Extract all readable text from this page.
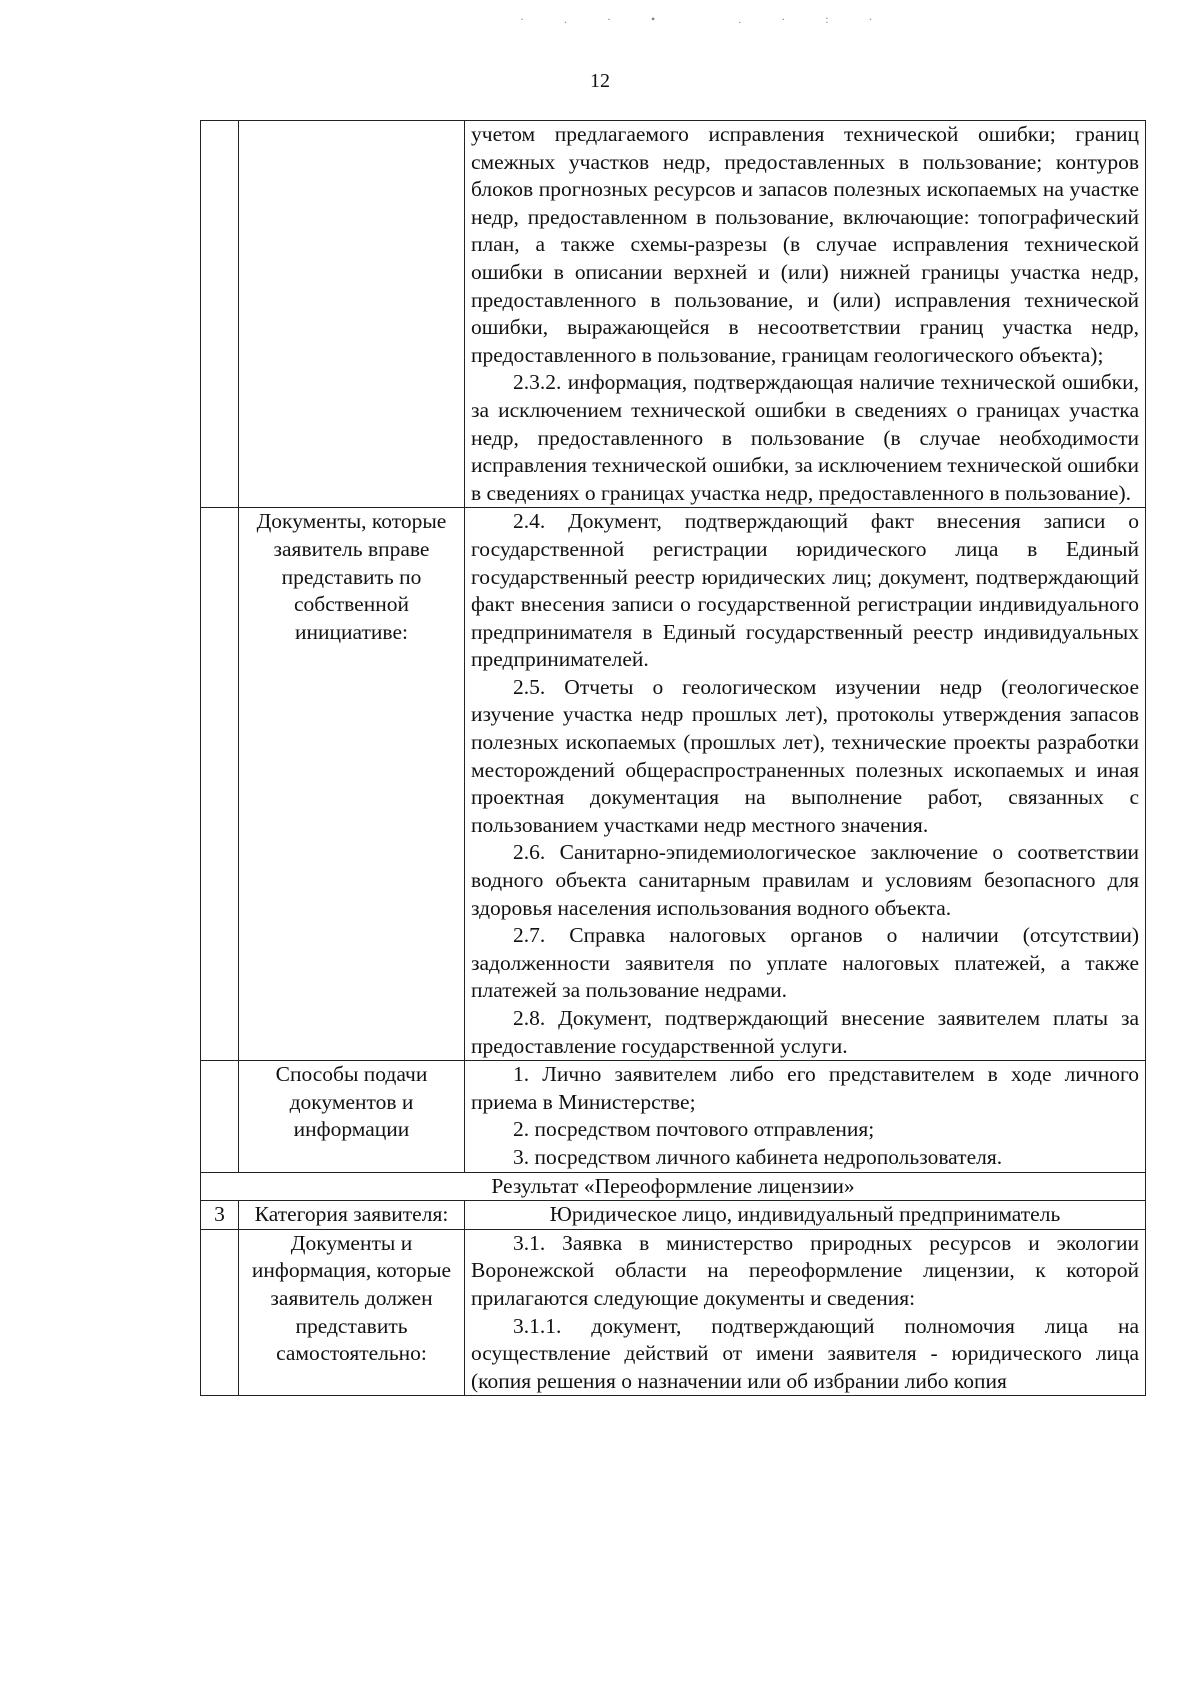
·.·• .·:·
12

		учетом предлагаемого исправления технической ошибки; границ смежных участков недр, предоставленных в пользование; контуров блоков прогнозных ресурсов и запасов полезных ископаемых на участке недр, предоставленном в пользование, включающие: топографический план, а также схемы-разрезы (в случае исправления технической ошибки в описании верхней и (или) нижней границы участка недр, предоставленного в пользование, и (или) исправления технической ошибки, выражающейся в несоответствии границ участка недр, предоставленного в пользование, границам геологического объекта);
2.3.2. информация, подтверждающая наличие технической ошибки, за исключением технической ошибки в сведениях о границах участка недр, предоставленного в пользование (в случае необходимости исправления технической ошибки, за исключением технической ошибки в сведениях о границах участка недр, предоставленного в пользование).

	Документы, которые заявитель вправе представить по собственной инициативе:	2.4. Документ, подтверждающий факт внесения записи о государственной регистрации юридического лица в Единый государственный реестр юридических лиц; документ, подтверждающий факт внесения записи о государственной регистрации индивидуального предпринимателя в Единый государственный реестр индивидуальных предпринимателей.
2.5. Отчеты о геологическом изучении недр (геологическое изучение участка недр прошлых лет), протоколы утверждения запасов полезных ископаемых (прошлых лет), технические проекты разработки месторождений общераспространенных полезных ископаемых и иная проектная документация на выполнение работ, связанных с пользованием участками недр местного значения.
2.6. Санитарно-эпидемиологическое заключение о соответствии водного объекта санитарным правилам и условиям безопасного для здоровья населения использования водного объекта.
2.7. Справка налоговых органов о наличии (отсутствии) задолженности заявителя по уплате налоговых платежей, а также платежей за пользование недрами.
2.8. Документ, подтверждающий внесение заявителем платы за предоставление государственной услуги.

	Способы подачи документов и информации	1. Лично заявителем либо его представителем в ходе личного приема в Министерстве;
2. посредством почтового отправления;
3. посредством личного кабинета недропользователя.

Результат «Переоформление лицензии»		
3	Категория заявителя:	Юридическое лицо, индивидуальный предприниматель
	Документы и информация, которые заявитель должен представить самостоятельно:	3.1. Заявка в министерство природных ресурсов и экологии Воронежской области на переоформление лицензии, к которой прилагаются следующие документы и сведения:
3.1.1. документ, подтверждающий полномочия лица на осуществление действий от имени заявителя - юридического лица (копия решения о назначении или об избрании либо копия
